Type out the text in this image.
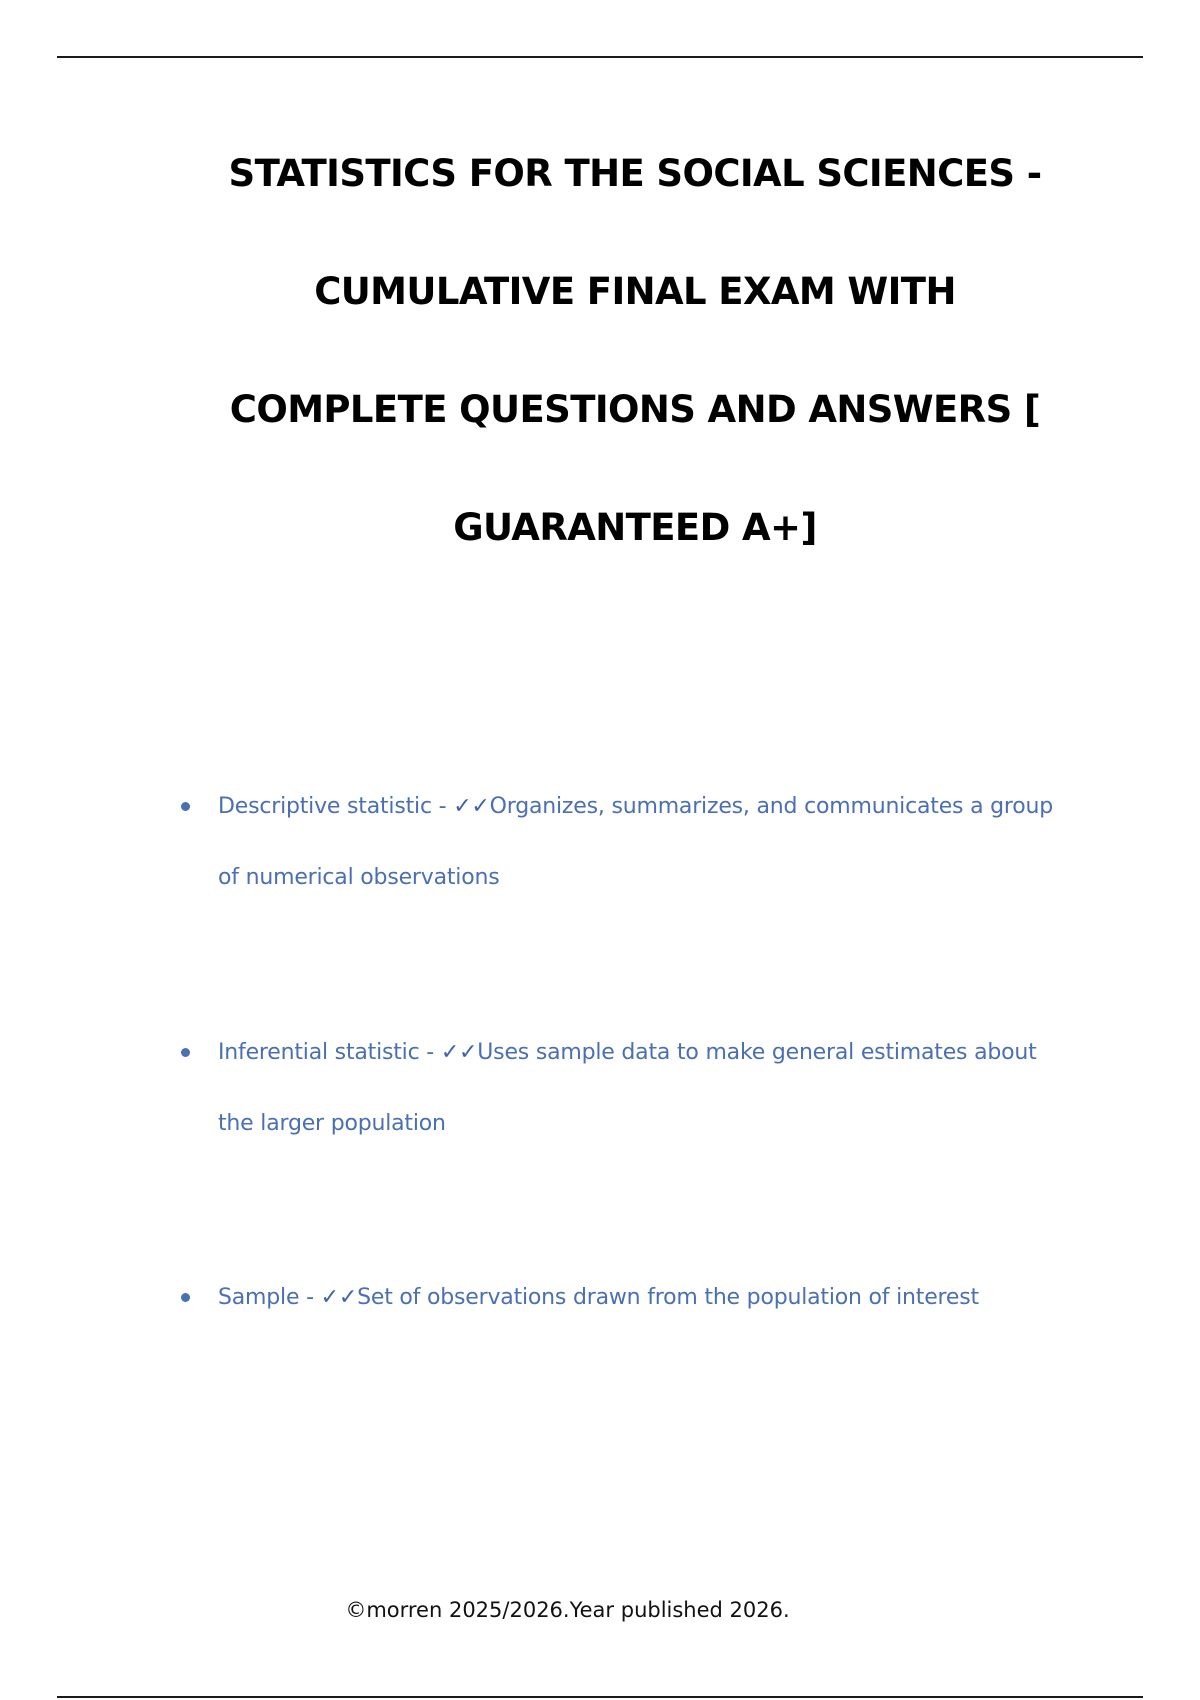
STATISTICS FOR THE SOCIAL SCIENCES -
CUMULATIVE FINAL EXAM WITH
COMPLETE QUESTIONS AND ANSWERS [
GUARANTEED A+]
Descriptive statistic - ✓✓Organizes, summarizes, and communicates a group of numerical observations
Inferential statistic - ✓✓Uses sample data to make general estimates about the larger population
Sample - ✓✓Set of observations drawn from the population of interest
©morren 2025/2026.Year published 2026.
